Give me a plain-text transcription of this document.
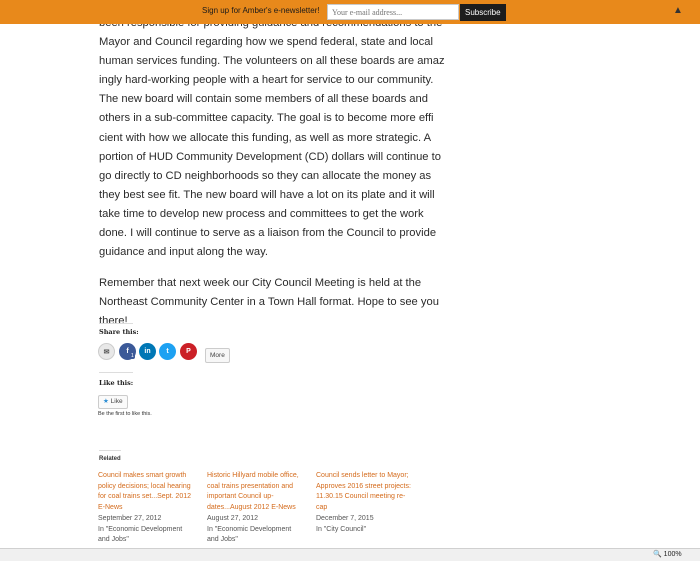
Sign up for Amber's e-newsletter!
Your e-mail address...	Subscribe	▲
Mayor and Council regarding how we spend federal, state and local
human services funding. The volunteers on all these boards are amaz
ingly hard-working people with a heart for service to our community.
The new board will contain some members of all these boards and
others in a sub-committee capacity. The goal is to become more effi
cient with how we allocate this funding, as well as more strategic. A
portion of HUD Community Development (CD) dollars will continue to
go directly to CD neighborhoods so they can allocate the money as
they best see fit. The new board will have a lot on its plate and it will
take time to develop new process and committees to get the work
done. I will continue to serve as a liaison from the Council to provide
guidance and input along the way.
Remember that next week our City Council Meeting is held at the
Northeast Community Center in a Town Hall format. Hope to see you
there!
Share this:
✉	f
1
in	t	P
More
Like this:
★ Like
Be the first to like this.
Related
Council makes smart growth policy decisions; local hearing for coal trains set...Sept. 2012 E-News
September 27, 2012
In "Economic Development and Jobs"
Historic Hillyard mobile office, coal trains presentation and important Council up-dates...August 2012 E-News
August 27, 2012
In "Economic Development and Jobs"
Council sends letter to Mayor; Approves 2016 street projects: 11.30.15 Council meeting re-cap
December 7, 2015
In "City Council"
🔍 100%
